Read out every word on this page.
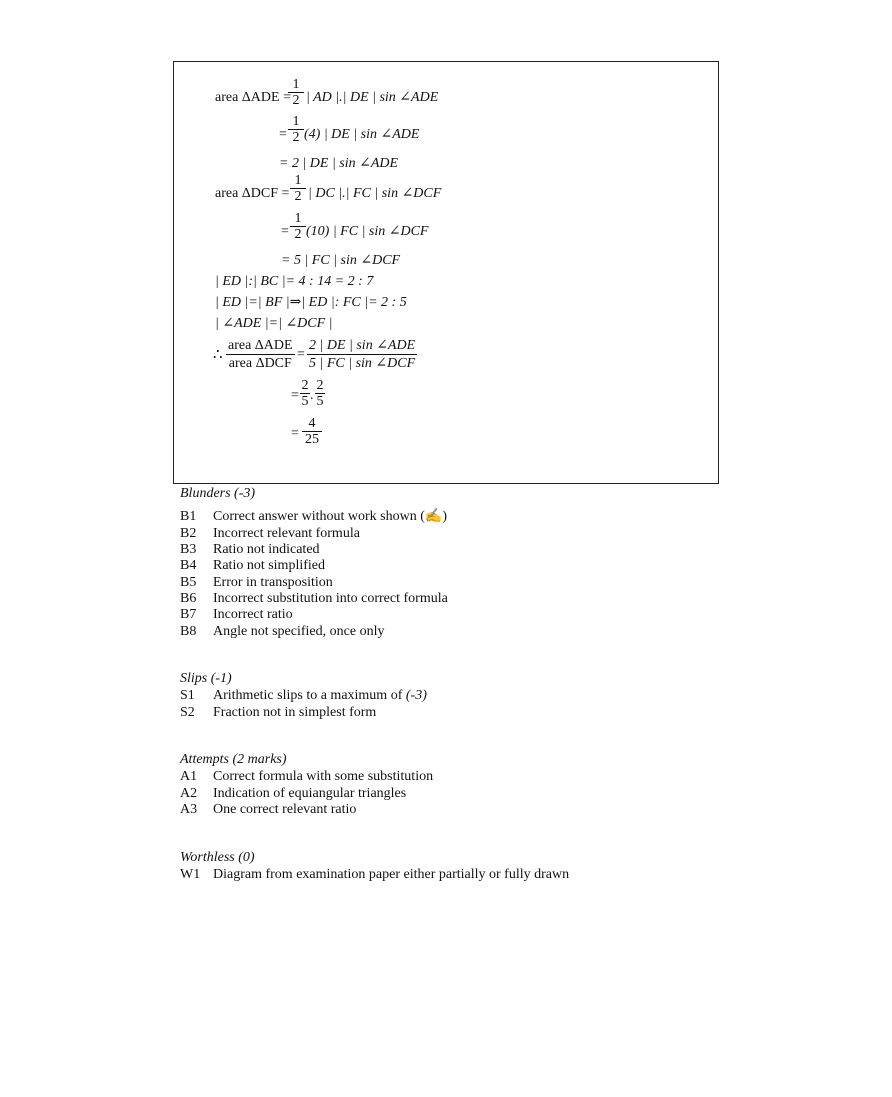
area ΔADE =
$\frac{1}{2}$ | AD |.| DE | sin ∠ADE
= $\frac{1}{2} (4)$ | DE | sin ∠ADE
= 2 | DE | sin ∠ADE
area $\Delta DCF = \frac{1}{2}$ | DC |.| FC | sin ∠DCF
= $\frac{1}{2} (10)$ | FC | sin ∠DCF
= 5 | FC | sin ∠DCF
| ED |:| BC |= 4 : 14 = 2 : 7
| ED |=| BF |⇒| ED |: FC |= 2 : 5
| ∠ADE |=| ∠DCF |
∴
area ΔADE
area ΔDCF
=
2 | DE | sin ∠ADE
5 | FC | sin ∠DCF
= $\frac{2}{5}$ . $\frac{2}{5}$
= $\frac{4}{25}$
Blunders (-3)
B1 Correct answer without work shown (✍)
B2 Incorrect relevant formula
B3 Ratio not indicated
B4 Ratio not simplified
B5 Error in transposition
B6 Incorrect substitution into correct formula
B7 Incorrect ratio
B8 Angle not specified, once only
Slips (-1)
S1 Arithmetic slips to a maximum of (-3)
S2 Fraction not in simplest form
Attempts (2 marks)
A1 Correct formula with some substitution
A2 Indication of equiangular triangles
A3 One correct relevant ratio
Worthless (0)
W1 Diagram from examination paper either partially or fully drawn
